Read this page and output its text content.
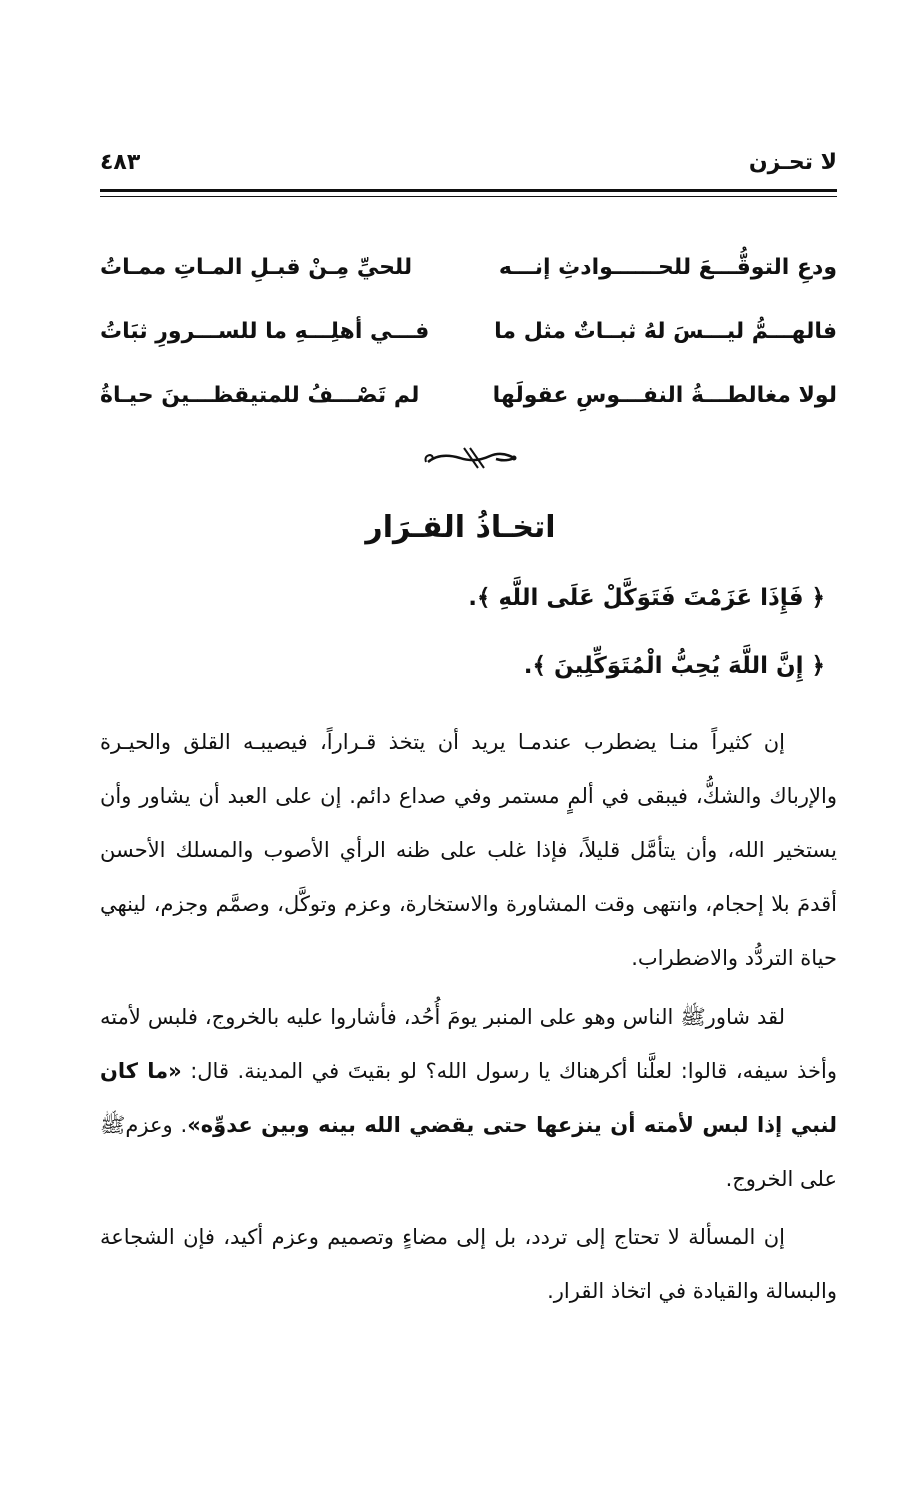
لا تحـزن
٤٨٣
ودعِ التوقُّـــعَ للحــــــوادثِ إنـــه
للحيِّ مِـنْ قبـلِ المـاتِ ممـاتُ
فالهـــمُّ ليـــسَ لهُ ثبــاتٌ مثل ما
فـــي أهلِـــهِ ما للســـرورِ ثبَاتُ
لولا مغالطـــةُ النفـــوسِ عقولَها
لم تَصْـــفُ للمتيقظـــينَ حيـاةُ
اتخـاذُ القـرَار
﴿ فَإِذَا عَزَمْتَ فَتَوَكَّلْ عَلَى اللَّهِ ﴾.
﴿ إِنَّ اللَّهَ يُحِبُّ الْمُتَوَكِّلِينَ ﴾.
إن كثيراً منـا يضطرب عندمـا يريد أن يتخذ قـراراً، فيصيبـه القلق والحيـرة والإرباك والشكُّ، فيبقى في ألمٍ مستمر وفي صداع دائم. إن على العبد أن يشاور وأن يستخير الله، وأن يتأمَّل قليلاً، فإذا غلب على ظنه الرأي الأصوب والمسلك الأحسن أقدمَ بلا إحجام، وانتهى وقت المشاورة والاستخارة، وعزم وتوكَّل، وصمَّم وجزم، لينهي حياة التردُّد والاضطراب.
لقد شاورﷺ الناس وهو على المنبر يومَ أُحُد، فأشاروا عليه بالخروج، فلبس لأمته وأخذ سيفه، قالوا: لعلَّنا أكرهناك يا رسول الله؟ لو بقيتَ في المدينة. قال: «ما كان لنبي إذا لبس لأمته أن ينزعها حتى يقضي الله بينه وبين عدوِّه». وعزمﷺ على الخروج.
إن المسألة لا تحتاج إلى تردد، بل إلى مضاءٍ وتصميم وعزم أكيد، فإن الشجاعة والبسالة والقيادة في اتخاذ القرار.
